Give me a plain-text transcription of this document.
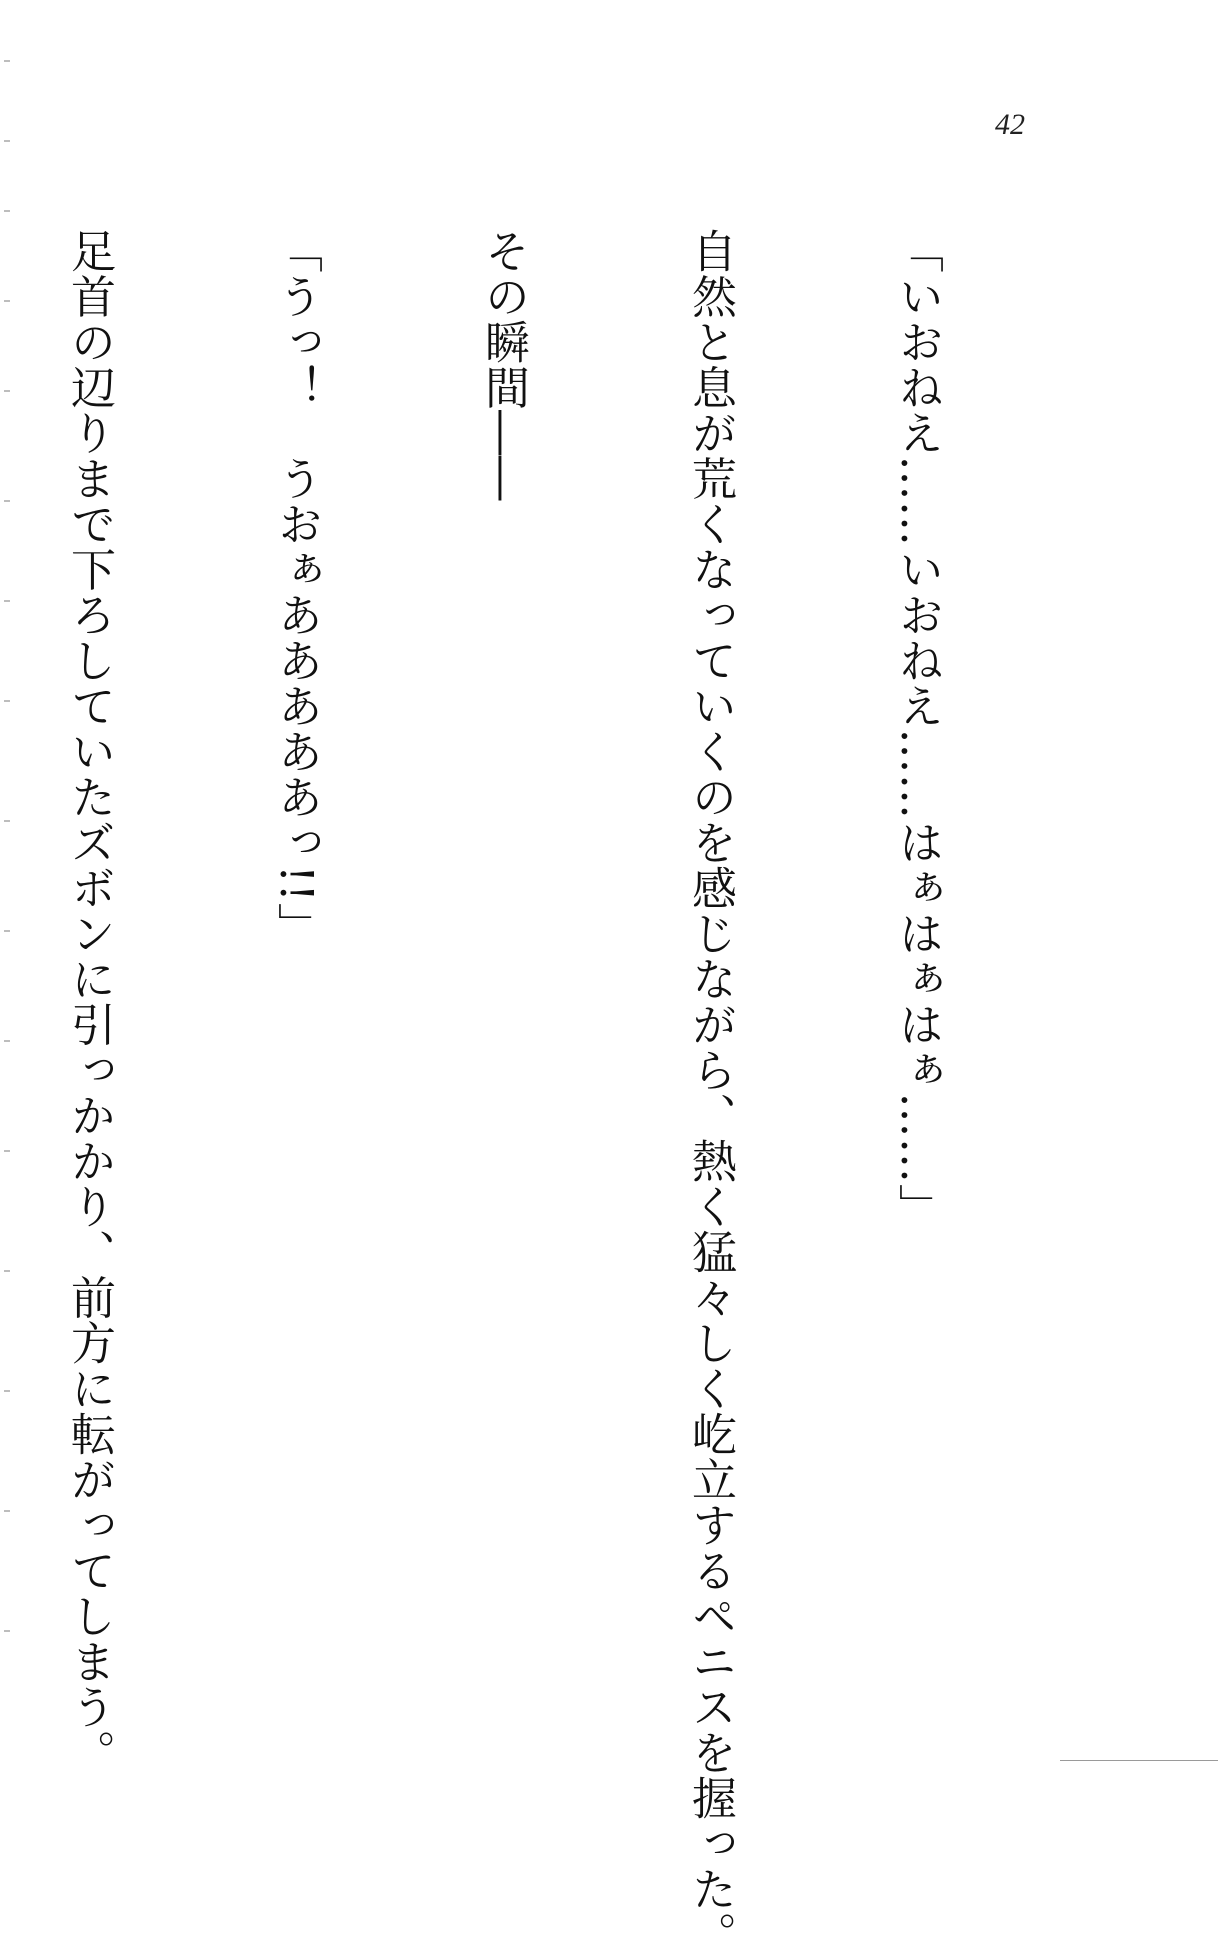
42

「いおねえ……いおねえ……はぁはぁはぁ……」

自然と息が荒くなっていくのを感じながら、熱く猛々しく屹立するペニスを握った。

その瞬間――

「うっ！　うおぁあああああっ!!」

足首の辺りまで下ろしていたズボンに引っかかり、前方に転がってしまう。
